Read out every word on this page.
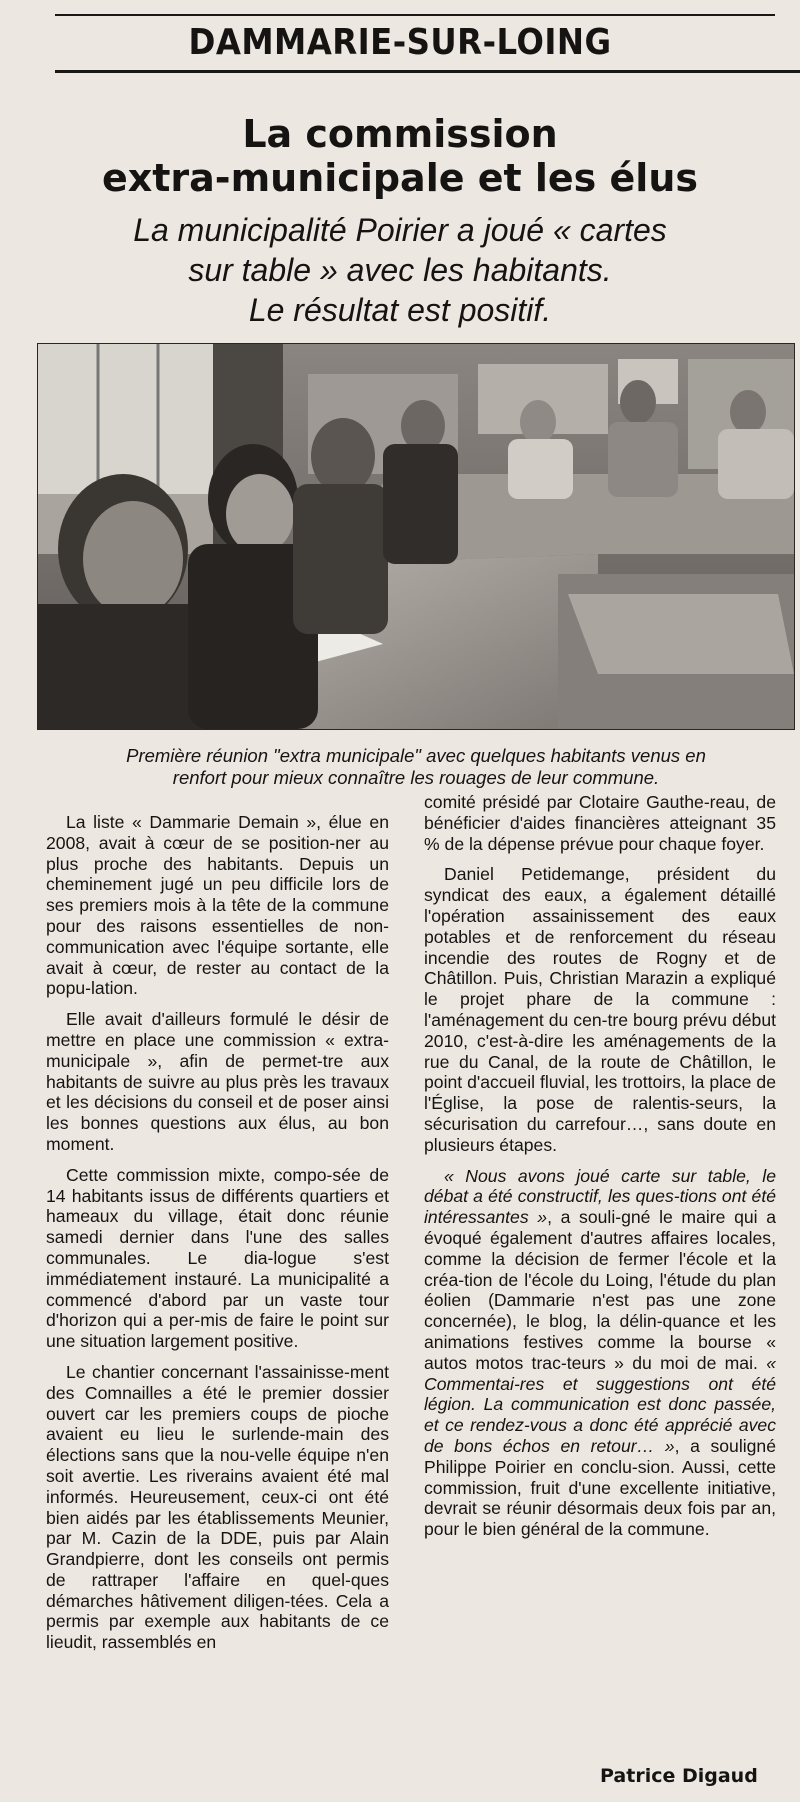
DAMMARIE-SUR-LOING
La commission
extra-municipale et les élus
La municipalité Poirier a joué « cartes
sur table » avec les habitants.
Le résultat est positif.
Première réunion "extra municipale" avec quelques habitants venus en
renfort pour mieux connaître les rouages de leur commune.

La liste « Dammarie Demain », élue en 2008, avait à cœur de se position-ner au plus proche des habitants. Depuis un cheminement jugé un peu difficile lors de ses premiers mois à la tête de la commune pour des raisons essentielles de non-communication avec l'équipe sortante, elle avait à cœur, de rester au contact de la popu-lation.

Elle avait d'ailleurs formulé le désir de mettre en place une commission « extra-municipale », afin de permet-tre aux habitants de suivre au plus près les travaux et les décisions du conseil et de poser ainsi les bonnes questions aux élus, au bon moment.

Cette commission mixte, compo-sée de 14 habitants issus de différents quartiers et hameaux du village, était donc réunie samedi dernier dans l'une des salles communales. Le dia-logue s'est immédiatement instauré. La municipalité a commencé d'abord par un vaste tour d'horizon qui a per-mis de faire le point sur une situation largement positive.

Le chantier concernant l'assainisse-ment des Comnailles a été le premier dossier ouvert car les premiers coups de pioche avaient eu lieu le surlende-main des élections sans que la nou-velle équipe n'en soit avertie. Les riverains avaient été mal informés. Heureusement, ceux-ci ont été bien aidés par les établissements Meunier, par M. Cazin de la DDE, puis par Alain Grandpierre, dont les conseils ont permis de rattraper l'affaire en quel-ques démarches hâtivement diligen-tées. Cela a permis par exemple aux habitants de ce lieudit, rassemblés en

comité présidé par Clotaire Gauthe-reau, de bénéficier d'aides financières atteignant 35 % de la dépense prévue pour chaque foyer.

Daniel Petidemange, président du syndicat des eaux, a également détaillé l'opération assainissement des eaux potables et de renforcement du réseau incendie des routes de Rogny et de Châtillon. Puis, Christian Marazin a expliqué le projet phare de la commune : l'aménagement du cen-tre bourg prévu début 2010, c'est-à-dire les aménagements de la rue du Canal, de la route de Châtillon, le point d'accueil fluvial, les trottoirs, la place de l'Église, la pose de ralentis-seurs, la sécurisation du carrefour…, sans doute en plusieurs étapes.

« Nous avons joué carte sur table, le débat a été constructif, les ques-tions ont été intéressantes », a souli-gné le maire qui a évoqué également d'autres affaires locales, comme la décision de fermer l'école et la créa-tion de l'école du Loing, l'étude du plan éolien (Dammarie n'est pas une zone concernée), le blog, la délin-quance et les animations festives comme la bourse « autos motos trac-teurs » du moi de mai. « Commentai-res et suggestions ont été légion. La communication est donc passée, et ce rendez-vous a donc été apprécié avec de bons échos en retour… », a souligné Philippe Poirier en conclu-sion. Aussi, cette commission, fruit d'une excellente initiative, devrait se réunir désormais deux fois par an, pour le bien général de la commune.

Patrice Digaud
